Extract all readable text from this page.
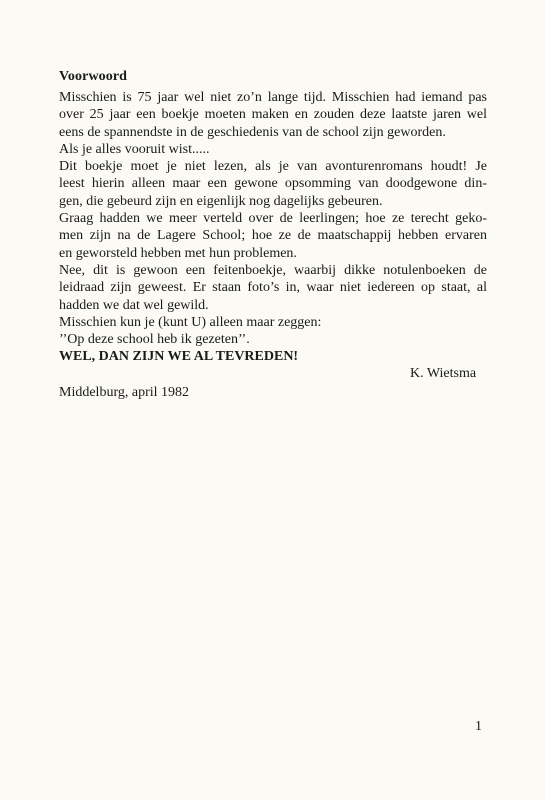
Voorwoord
Misschien is 75 jaar wel niet zo’n lange tijd. Misschien had iemand pas
over 25 jaar een boekje moeten maken en zouden deze laatste jaren wel
eens de spannendste in de geschiedenis van de school zijn geworden.
Als je alles vooruit wist.....
Dit boekje moet je niet lezen, als je van avonturenromans houdt! Je
leest hierin alleen maar een gewone opsomming van doodgewone din-
gen, die gebeurd zijn en eigenlijk nog dagelijks gebeuren.
Graag hadden we meer verteld over de leerlingen; hoe ze terecht geko-
men zijn na de Lagere School; hoe ze de maatschappij hebben ervaren
en geworsteld hebben met hun problemen.
Nee, dit is gewoon een feitenboekje, waarbij dikke notulenboeken de
leidraad zijn geweest. Er staan foto’s in, waar niet iedereen op staat, al
hadden we dat wel gewild.
Misschien kun je (kunt U) alleen maar zeggen:
’’Op deze school heb ik gezeten’’.
WEL, DAN ZIJN WE AL TEVREDEN!
K. Wietsma
Middelburg, april 1982
1
